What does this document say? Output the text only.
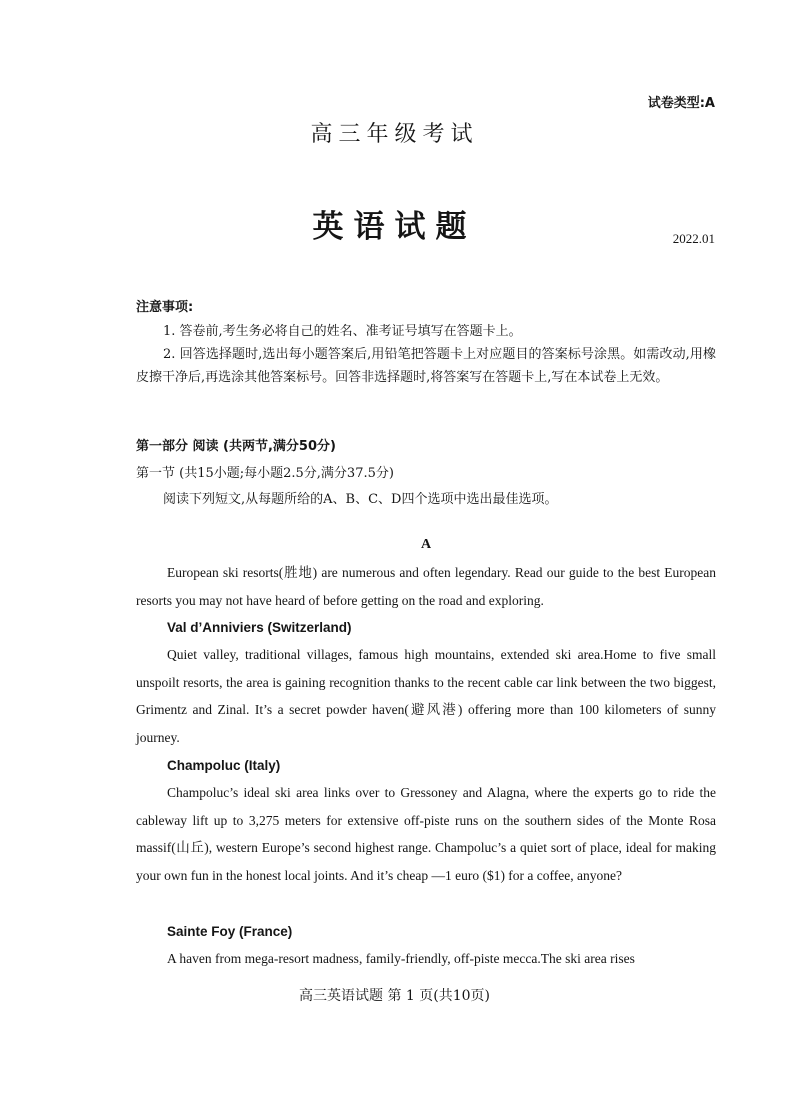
试卷类型:A
高三年级考试
英语试题	2022.01
注意事项:
1. 答卷前,考生务必将自己的姓名、准考证号填写在答题卡上。
2. 回答选择题时,选出每小题答案后,用铅笔把答题卡上对应题目的答案标号涂黑。如需改动,用橡皮擦干净后,再选涂其他答案标号。回答非选择题时,将答案写在答题卡上,写在本试卷上无效。
第一部分 阅读 (共两节,满分50分)
第一节 (共15小题;每小题2.5分,满分37.5分)
阅读下列短文,从每题所给的A、B、C、D四个选项中选出最佳选项。
A
European ski resorts(胜地) are numerous and often legendary. Read our guide to the best European resorts you may not have heard of before getting on the road and exploring.
Val d’Anniviers (Switzerland)
Quiet valley, traditional villages, famous high mountains, extended ski area.Home to five small unspoilt resorts, the area is gaining recognition thanks to the recent cable car link between the two biggest, Grimentz and Zinal. It’s a secret powder haven(避风港) offering more than 100 kilometers of sunny journey.
Champoluc (Italy)
Champoluc’s ideal ski area links over to Gressoney and Alagna, where the experts go to ride the cableway lift up to 3,275 meters for extensive off-piste runs on the southern sides of the Monte Rosa massif(山丘), western Europe’s second highest range. Champoluc’s a quiet sort of place, ideal for making your own fun in the honest local joints. And it’s cheap —1 euro ($1) for a coffee, anyone?
Sainte Foy (France)
A haven from mega-resort madness, family-friendly, off-piste mecca.The ski area rises
高三英语试题 第 1 页(共10页)
